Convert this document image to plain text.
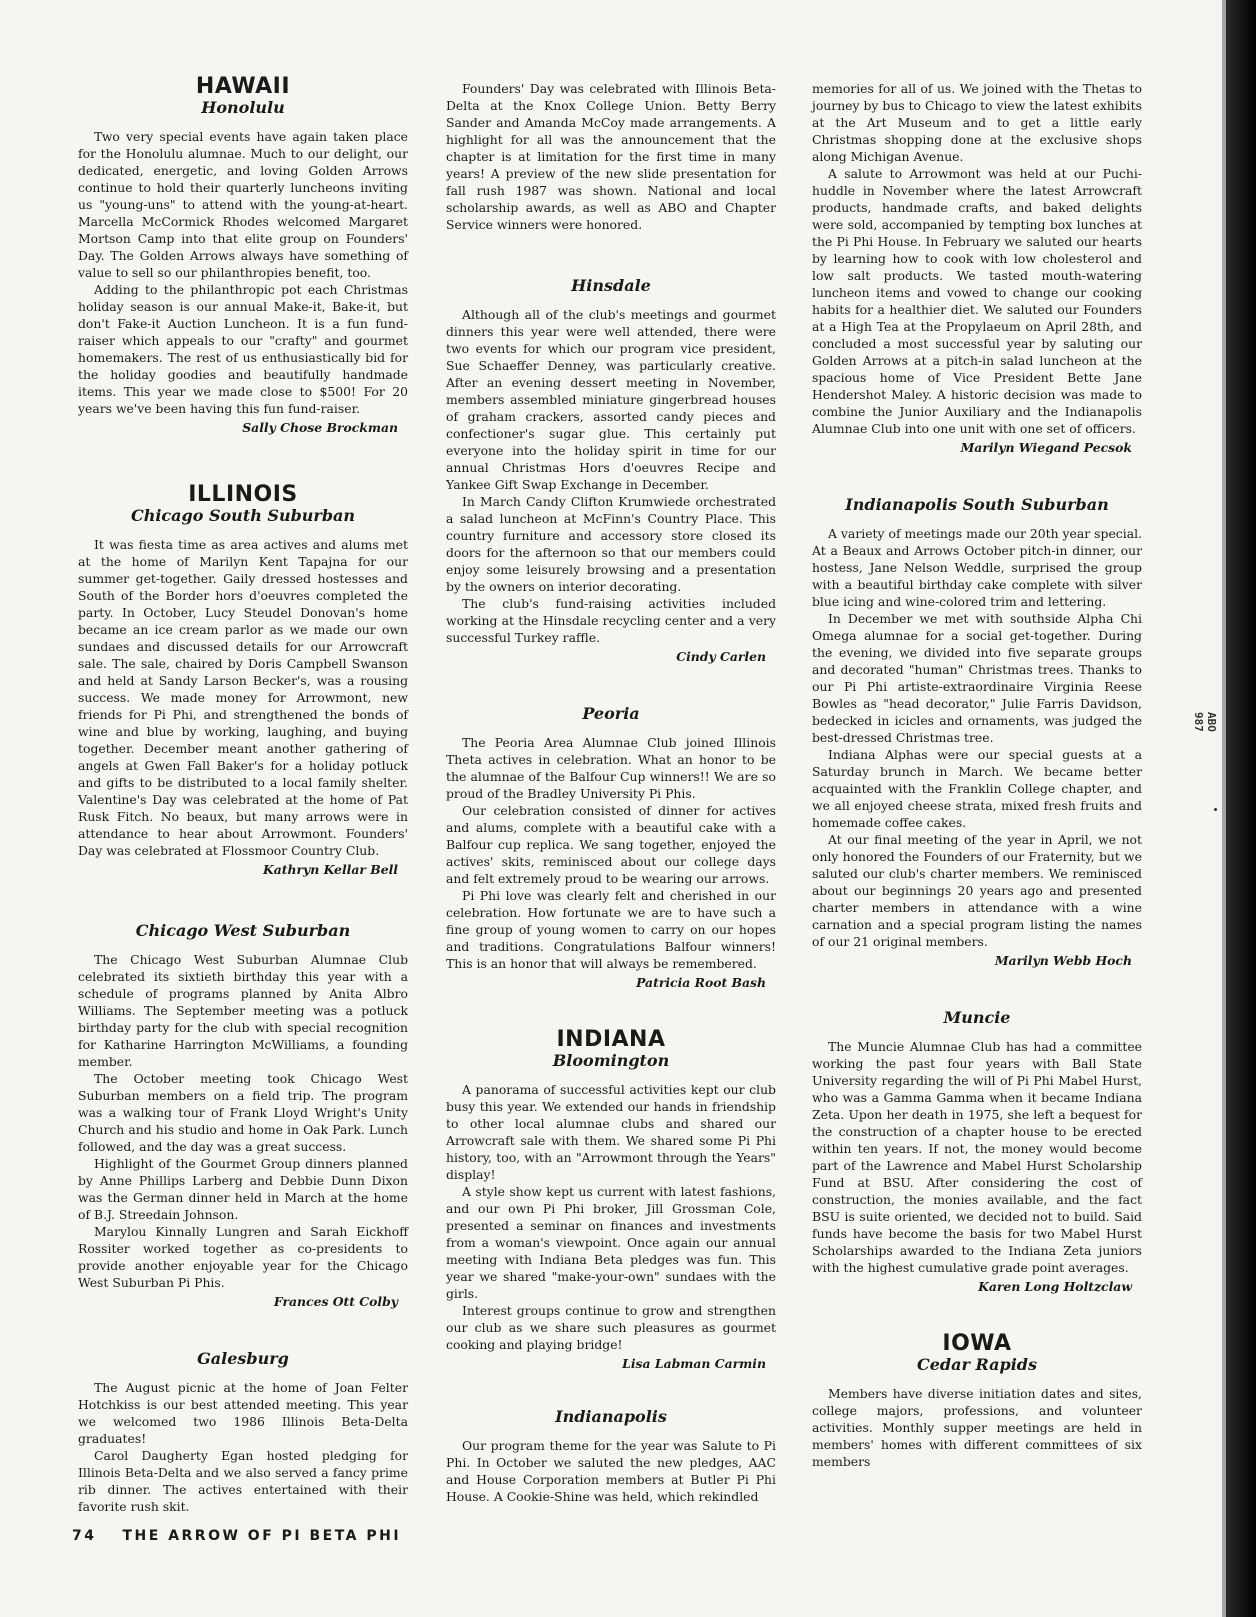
HAWAII
Honolulu

Two very special events have again taken place for the Honolulu alumnae. Much to our delight, our dedicated, energetic, and loving Golden Arrows continue to hold their quarterly luncheons inviting us "young-uns" to attend with the young-at-heart. Marcella McCormick Rhodes welcomed Margaret Mortson Camp into that elite group on Founders' Day. The Golden Arrows always have something of value to sell so our philanthropies benefit, too.

Adding to the philanthropic pot each Christmas holiday season is our annual Make-it, Bake-it, but don't Fake-it Auction Luncheon. It is a fun fund-raiser which appeals to our "crafty" and gourmet homemakers. The rest of us enthusiastically bid for the holiday goodies and beautifully handmade items. This year we made close to $500! For 20 years we've been having this fun fund-raiser.

Sally Chose Brockman
ILLINOIS
Chicago South Suburban

It was fiesta time as area actives and alums met at the home of Marilyn Kent Tapajna for our summer get-together. Gaily dressed hostesses and South of the Border hors d'oeuvres completed the party. In October, Lucy Steudel Donovan's home became an ice cream parlor as we made our own sundaes and discussed details for our Arrowcraft sale. The sale, chaired by Doris Campbell Swanson and held at Sandy Larson Becker's, was a rousing success. We made money for Arrowmont, new friends for Pi Phi, and strengthened the bonds of wine and blue by working, laughing, and buying together. December meant another gathering of angels at Gwen Fall Baker's for a holiday potluck and gifts to be distributed to a local family shelter. Valentine's Day was celebrated at the home of Pat Rusk Fitch. No beaux, but many arrows were in attendance to hear about Arrowmont. Founders' Day was celebrated at Flossmoor Country Club.

Kathryn Kellar Bell
Chicago West Suburban

The Chicago West Suburban Alumnae Club celebrated its sixtieth birthday this year with a schedule of programs planned by Anita Albro Williams. The September meeting was a potluck birthday party for the club with special recognition for Katharine Harrington McWilliams, a founding member.

The October meeting took Chicago West Suburban members on a field trip. The program was a walking tour of Frank Lloyd Wright's Unity Church and his studio and home in Oak Park. Lunch followed, and the day was a great success.

Highlight of the Gourmet Group dinners planned by Anne Phillips Larberg and Debbie Dunn Dixon was the German dinner held in March at the home of B.J. Streedain Johnson.

Marylou Kinnally Lungren and Sarah Eickhoff Rossiter worked together as co-presidents to provide another enjoyable year for the Chicago West Suburban Pi Phis.

Frances Ott Colby
Galesburg

The August picnic at the home of Joan Felter Hotchkiss is our best attended meeting. This year we welcomed two 1986 Illinois Beta-Delta graduates!

Carol Daugherty Egan hosted pledging for Illinois Beta-Delta and we also served a fancy prime rib dinner. The actives entertained with their favorite rush skit.

Founders' Day was celebrated with Illinois Beta-Delta at the Knox College Union. Betty Berry Sander and Amanda McCoy made arrangements. A highlight for all was the announcement that the chapter is at limitation for the first time in many years! A preview of the new slide presentation for fall rush 1987 was shown. National and local scholarship awards, as well as ABO and Chapter Service winners were honored.

Hinsdale

Although all of the club's meetings and gourmet dinners this year were well attended, there were two events for which our program vice president, Sue Schaeffer Denney, was particularly creative. After an evening dessert meeting in November, members assembled miniature gingerbread houses of graham crackers, assorted candy pieces and confectioner's sugar glue. This certainly put everyone into the holiday spirit in time for our annual Christmas Hors d'oeuvres Recipe and Yankee Gift Swap Exchange in December.

In March Candy Clifton Krumwiede orchestrated a salad luncheon at McFinn's Country Place. This country furniture and accessory store closed its doors for the afternoon so that our members could enjoy some leisurely browsing and a presentation by the owners on interior decorating.

The club's fund-raising activities included working at the Hinsdale recycling center and a very successful Turkey raffle.

Cindy Carlen
Peoria

The Peoria Area Alumnae Club joined Illinois Theta actives in celebration. What an honor to be the alumnae of the Balfour Cup winners!! We are so proud of the Bradley University Pi Phis.

Our celebration consisted of dinner for actives and alums, complete with a beautiful cake with a Balfour cup replica. We sang together, enjoyed the actives' skits, reminisced about our college days and felt extremely proud to be wearing our arrows.

Pi Phi love was clearly felt and cherished in our celebration. How fortunate we are to have such a fine group of young women to carry on our hopes and traditions. Congratulations Balfour winners! This is an honor that will always be remembered.

Patricia Root Bash
INDIANA
Bloomington

A panorama of successful activities kept our club busy this year. We extended our hands in friendship to other local alumnae clubs and shared our Arrowcraft sale with them. We shared some Pi Phi history, too, with an "Arrowmont through the Years" display!

A style show kept us current with latest fashions, and our own Pi Phi broker, Jill Grossman Cole, presented a seminar on finances and investments from a woman's viewpoint. Once again our annual meeting with Indiana Beta pledges was fun. This year we shared "make-your-own" sundaes with the girls.

Interest groups continue to grow and strengthen our club as we share such pleasures as gourmet cooking and playing bridge!

Lisa Labman Carmin
Indianapolis

Our program theme for the year was Salute to Pi Phi. In October we saluted the new pledges, AAC and House Corporation members at Butler Pi Phi House. A Cookie-Shine was held, which rekindled

memories for all of us. We joined with the Thetas to journey by bus to Chicago to view the latest exhibits at the Art Museum and to get a little early Christmas shopping done at the exclusive shops along Michigan Avenue.

A salute to Arrowmont was held at our Puchi-huddle in November where the latest Arrowcraft products, handmade crafts, and baked delights were sold, accompanied by tempting box lunches at the Pi Phi House. In February we saluted our hearts by learning how to cook with low cholesterol and low salt products. We tasted mouth-watering luncheon items and vowed to change our cooking habits for a healthier diet. We saluted our Founders at a High Tea at the Propylaeum on April 28th, and concluded a most successful year by saluting our Golden Arrows at a pitch-in salad luncheon at the spacious home of Vice President Bette Jane Hendershot Maley. A historic decision was made to combine the Junior Auxiliary and the Indianapolis Alumnae Club into one unit with one set of officers.

Marilyn Wiegand Pecsok
Indianapolis South Suburban

A variety of meetings made our 20th year special. At a Beaux and Arrows October pitch-in dinner, our hostess, Jane Nelson Weddle, surprised the group with a beautiful birthday cake complete with silver blue icing and wine-colored trim and lettering.

In December we met with southside Alpha Chi Omega alumnae for a social get-together. During the evening, we divided into five separate groups and decorated "human" Christmas trees. Thanks to our Pi Phi artiste-extraordinaire Virginia Reese Bowles as "head decorator," Julie Farris Davidson, bedecked in icicles and ornaments, was judged the best-dressed Christmas tree.

Indiana Alphas were our special guests at a Saturday brunch in March. We became better acquainted with the Franklin College chapter, and we all enjoyed cheese strata, mixed fresh fruits and homemade coffee cakes.

At our final meeting of the year in April, we not only honored the Founders of our Fraternity, but we saluted our club's charter members. We reminisced about our beginnings 20 years ago and presented charter members in attendance with a wine carnation and a special program listing the names of our 21 original members.

Marilyn Webb Hoch
Muncie

The Muncie Alumnae Club has had a committee working the past four years with Ball State University regarding the will of Pi Phi Mabel Hurst, who was a Gamma Gamma when it became Indiana Zeta. Upon her death in 1975, she left a bequest for the construction of a chapter house to be erected within ten years. If not, the money would become part of the Lawrence and Mabel Hurst Scholarship Fund at BSU. After considering the cost of construction, the monies available, and the fact BSU is suite oriented, we decided not to build. Said funds have become the basis for two Mabel Hurst Scholarships awarded to the Indiana Zeta juniors with the highest cumulative grade point averages.

Karen Long Holtzclaw
IOWA
Cedar Rapids

Members have diverse initiation dates and sites, college majors, professions, and volunteer activities. Monthly supper meetings are held in members' homes with different committees of six members

74 THE ARROW OF PI BETA PHI
ABO 987
